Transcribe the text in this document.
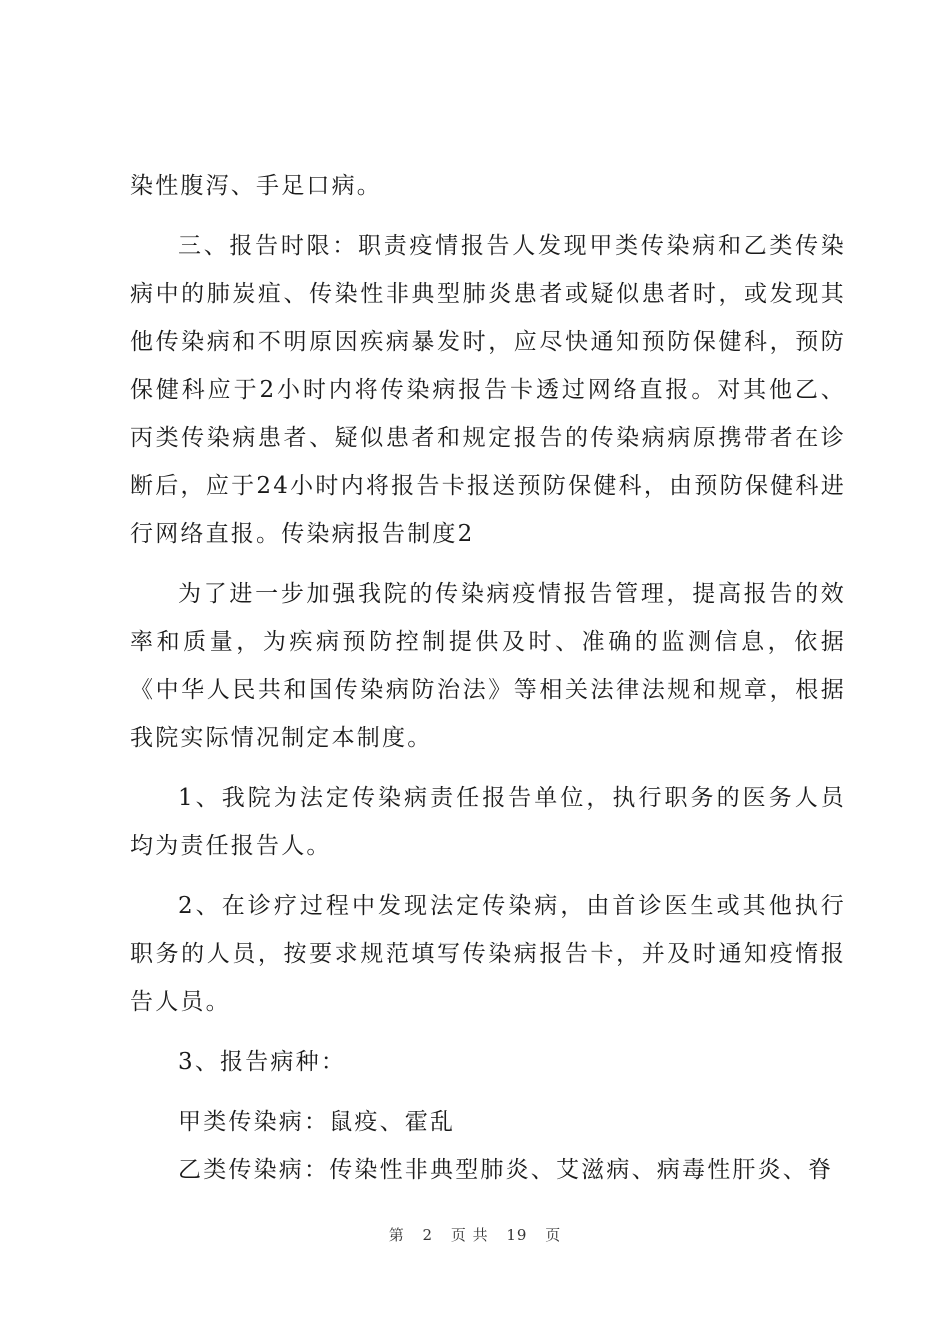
染性腹泻、手足口病。

三、报告时限：职责疫情报告人发现甲类传染病和乙类传染病中的肺炭疽、传染性非典型肺炎患者或疑似患者时，或发现其他传染病和不明原因疾病暴发时，应尽快通知预防保健科，预防保健科应于2小时内将传染病报告卡透过网络直报。对其他乙、丙类传染病患者、疑似患者和规定报告的传染病病原携带者在诊断后，应于24小时内将报告卡报送预防保健科，由预防保健科进行网络直报。传染病报告制度2

为了进一步加强我院的传染病疫情报告管理，提高报告的效率和质量，为疾病预防控制提供及时、准确的监测信息，依据《中华人民共和国传染病防治法》等相关法律法规和规章，根据我院实际情况制定本制度。

1、我院为法定传染病责任报告单位，执行职务的医务人员均为责任报告人。

2、在诊疗过程中发现法定传染病，由首诊医生或其他执行职务的人员，按要求规范填写传染病报告卡，并及时通知疫惰报告人员。

3、报告病种：

甲类传染病：鼠疫、霍乱

乙类传染病：传染性非典型肺炎、艾滋病、病毒性肝炎、脊

第 2 页 共 19 页
